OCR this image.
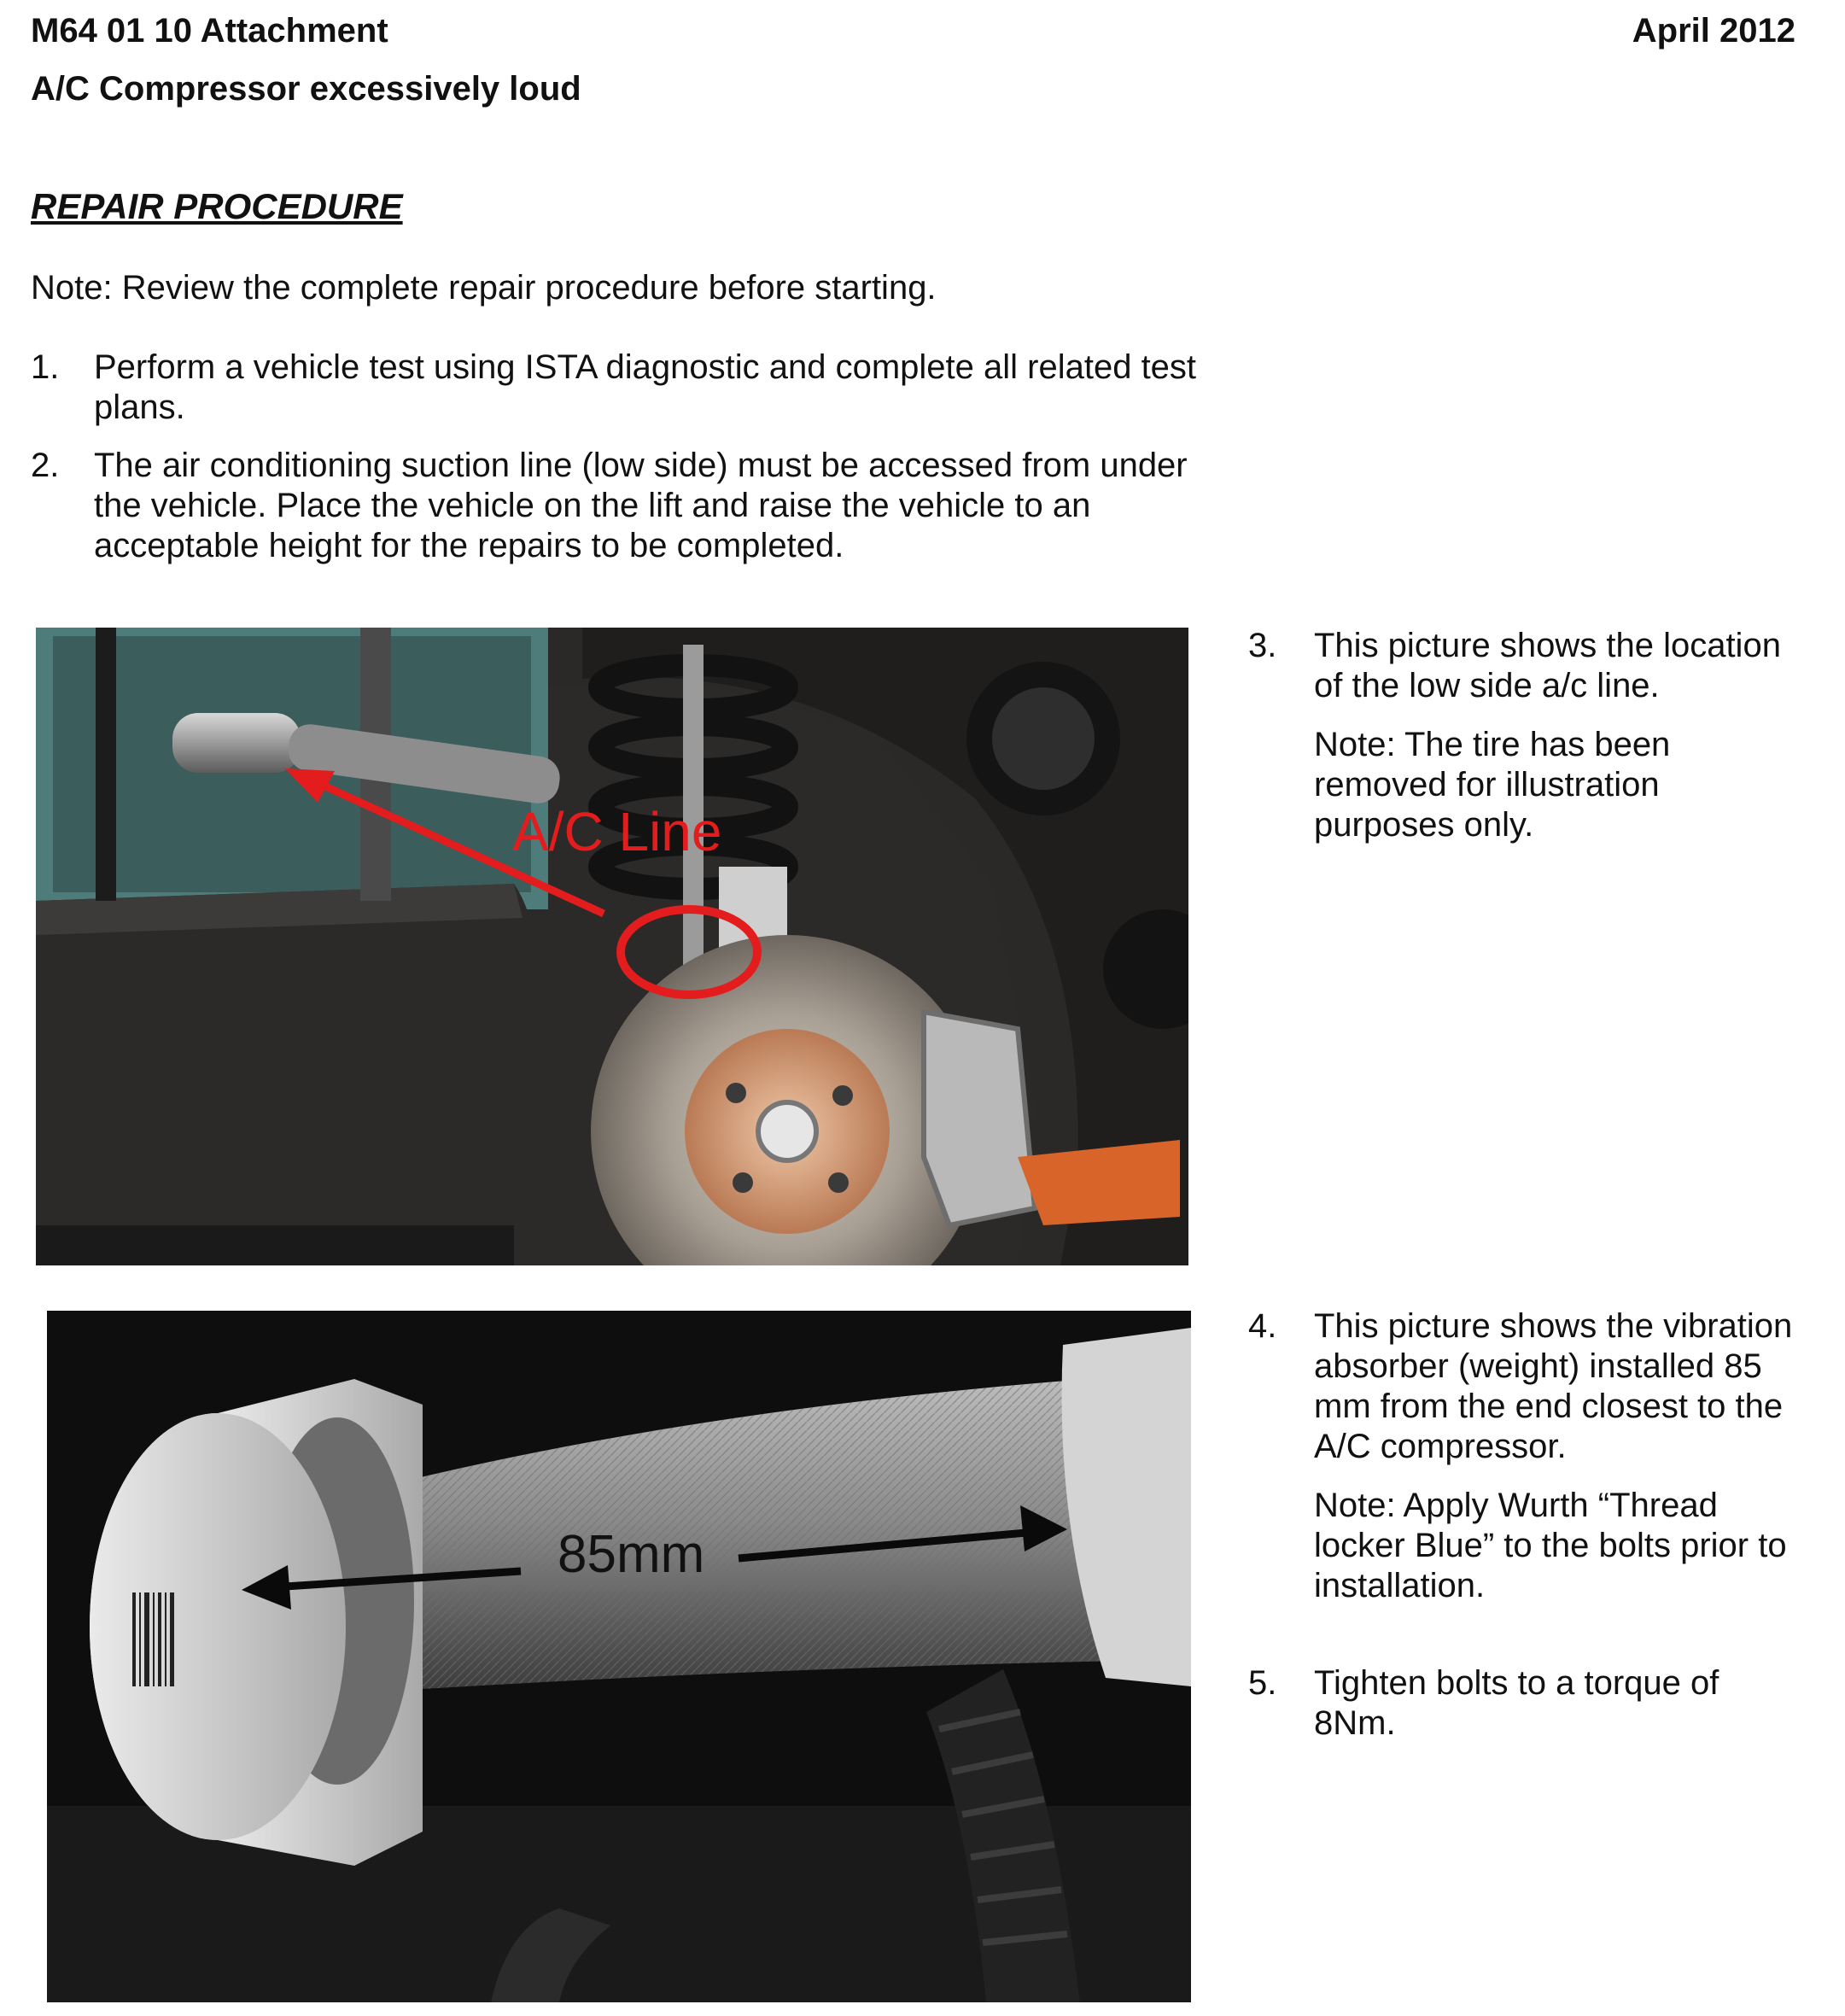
M64 01 10 Attachment	April 2012
A/C Compressor excessively loud
REPAIR PROCEDURE
Note: Review the complete repair procedure before starting.
1. Perform a vehicle test using ISTA diagnostic and complete all related test plans.
2. The air conditioning suction line (low side) must be accessed from under the vehicle. Place the vehicle on the lift and raise the vehicle to an acceptable height for the repairs to be completed.
A/C Line
3. This picture shows the location of the low side a/c line.
Note: The tire has been removed for illustration purposes only.
85mm
4. This picture shows the vibration absorber (weight) installed 85 mm from the end closest to the A/C compressor.
Note: Apply Wurth “Thread locker Blue” to the bolts prior to installation.
5. Tighten bolts to a torque of 8Nm.
